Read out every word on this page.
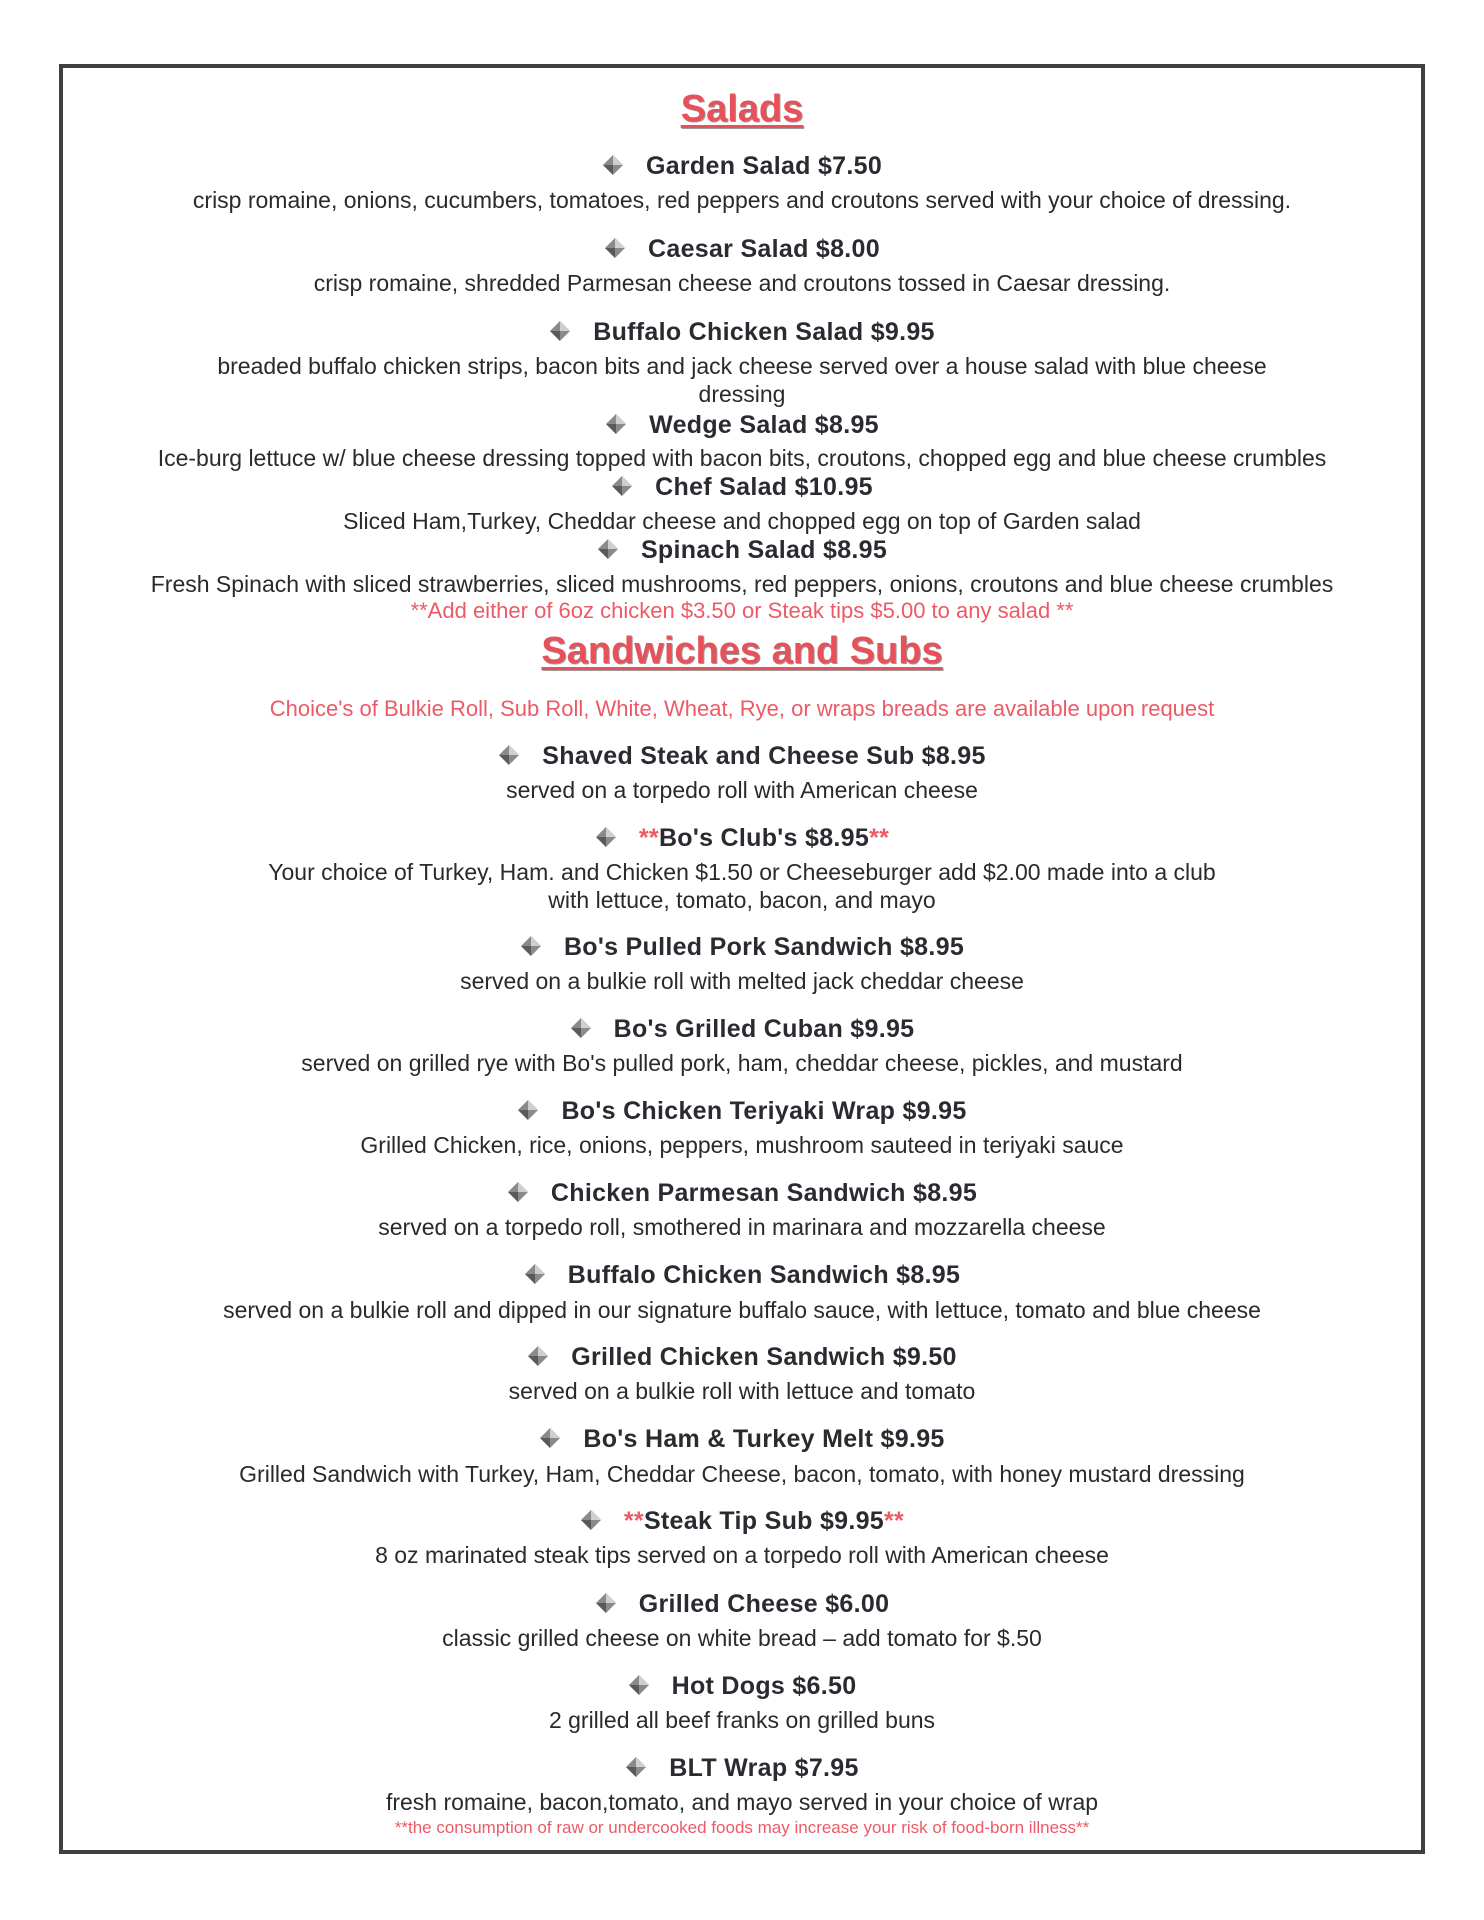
Salads
Garden Salad $7.50
crisp romaine, onions, cucumbers, tomatoes, red peppers and croutons served with your choice of dressing.
Caesar Salad $8.00
crisp romaine, shredded Parmesan cheese and croutons tossed in Caesar dressing.
Buffalo Chicken Salad $9.95
breaded buffalo chicken strips, bacon bits and jack cheese served over a house salad with blue cheese
dressing
Wedge Salad $8.95
Ice-burg lettuce w/ blue cheese dressing topped with bacon bits, croutons, chopped egg and blue cheese crumbles
Chef Salad $10.95
Sliced Ham,Turkey, Cheddar cheese and chopped egg on top of Garden salad
Spinach Salad $8.95
Fresh Spinach with sliced strawberries, sliced mushrooms, red peppers, onions, croutons and blue cheese crumbles
**Add either of 6oz chicken $3.50 or Steak tips $5.00 to any salad **
Sandwiches and Subs
Choice's of Bulkie Roll, Sub Roll, White, Wheat, Rye, or wraps breads are available upon request
Shaved Steak and Cheese Sub $8.95
served on a torpedo roll with American cheese
**Bo's Club's $8.95**
Your choice of Turkey, Ham. and Chicken $1.50 or Cheeseburger add $2.00 made into a club
with lettuce, tomato, bacon, and mayo
Bo's Pulled Pork Sandwich $8.95
served on a bulkie roll with melted jack cheddar cheese
Bo's Grilled Cuban $9.95
served on grilled rye with Bo's pulled pork, ham, cheddar cheese, pickles, and mustard
Bo's Chicken Teriyaki Wrap $9.95
Grilled Chicken, rice, onions, peppers, mushroom sauteed in teriyaki sauce
Chicken Parmesan Sandwich $8.95
served on a torpedo roll, smothered in marinara and mozzarella cheese
Buffalo Chicken Sandwich $8.95
served on a bulkie roll and dipped in our signature buffalo sauce, with lettuce, tomato and blue cheese
Grilled Chicken Sandwich $9.50
served on a bulkie roll with lettuce and tomato
Bo's Ham & Turkey Melt $9.95
Grilled Sandwich with Turkey, Ham, Cheddar Cheese, bacon, tomato, with honey mustard dressing
**Steak Tip Sub $9.95**
8 oz marinated steak tips served on a torpedo roll with American cheese
Grilled Cheese $6.00
classic grilled cheese on white bread – add tomato for $.50
Hot Dogs $6.50
2 grilled all beef franks on grilled buns
BLT Wrap $7.95
fresh romaine, bacon,tomato, and mayo served in your choice of wrap
**the consumption of raw or undercooked foods may increase your risk of food-born illness**
